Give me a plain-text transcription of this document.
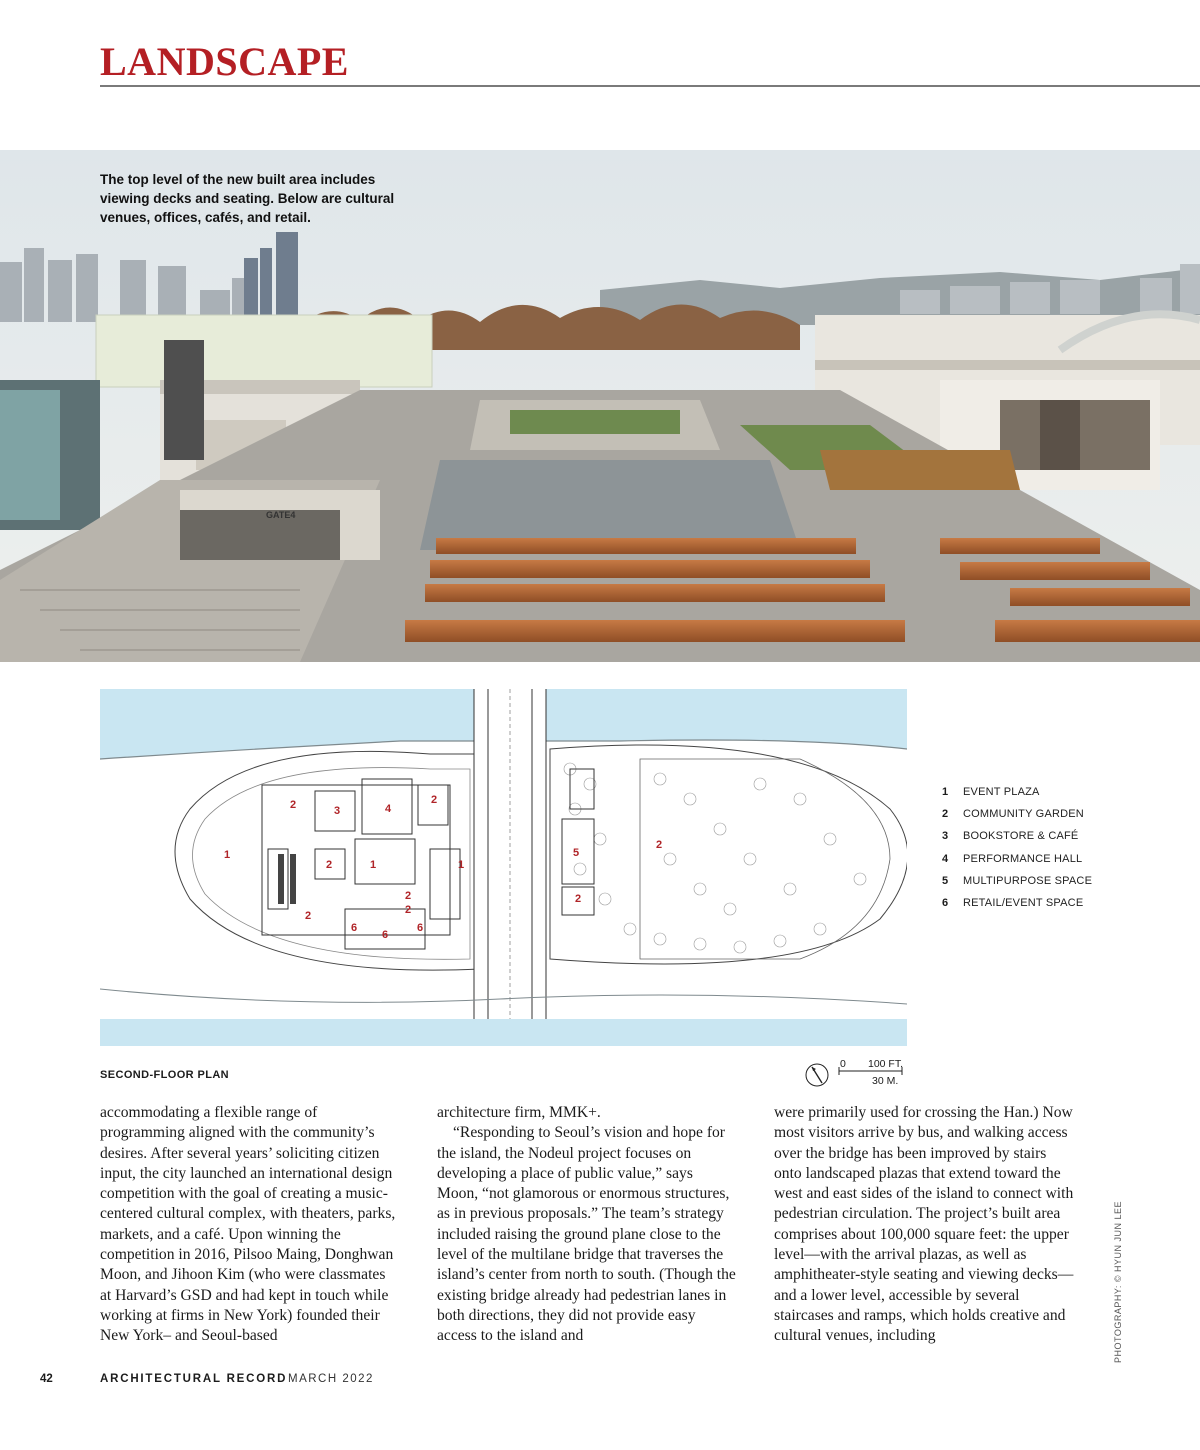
LANDSCAPE
GATE4
The top level of the new built area includes viewing decks and seating. Below are cultural venues, offices, cafés, and retail.
1
2	3	4
2
2	1	1
2
2
6
6
6
2
5
2
2
1	EVENT PLAZA
2	COMMUNITY GARDEN
3	BOOKSTORE & CAFÉ
4	PERFORMANCE HALL
5	MULTIPURPOSE SPACE
6	RETAIL/EVENT SPACE
SECOND-FLOOR PLAN
0 100 FT.
30 M.

accommodating a flexible range of programming aligned with the community’s desires. After several years’ soliciting citizen input, the city launched an international design competition with the goal of creating a music-centered cultural complex, with theaters, parks, markets, and a café. Upon winning the competition in 2016, Pilsoo Maing, Donghwan Moon, and Jihoon Kim (who were classmates at Harvard’s GSD and had kept in touch while working at firms in New York) founded their New York– and Seoul-based

architecture firm, MMK+.

“Responding to Seoul’s vision and hope for the island, the Nodeul project focuses on developing a place of public value,” says Moon, “not glamorous or enormous structures, as in previous proposals.” The team’s strategy included raising the ground plane close to the level of the multilane bridge that traverses the island’s center from north to south. (Though the existing bridge already had pedestrian lanes in both directions, they did not provide easy access to the island and

were primarily used for crossing the Han.) Now most visitors arrive by bus, and walking access over the bridge has been improved by stairs onto landscaped plazas that extend toward the west and east sides of the island to connect with pedestrian circulation. The project’s built area comprises about 100,000 square feet: the upper level—with the arrival plazas, as well as amphitheater-style seating and viewing decks—and a lower level, accessible by several staircases and ramps, which holds creative and cultural venues, including	PHOTOGRAPHY: © HYUN JUN LEE
42	ARCHITECTURAL RECORD MARCH 2022
